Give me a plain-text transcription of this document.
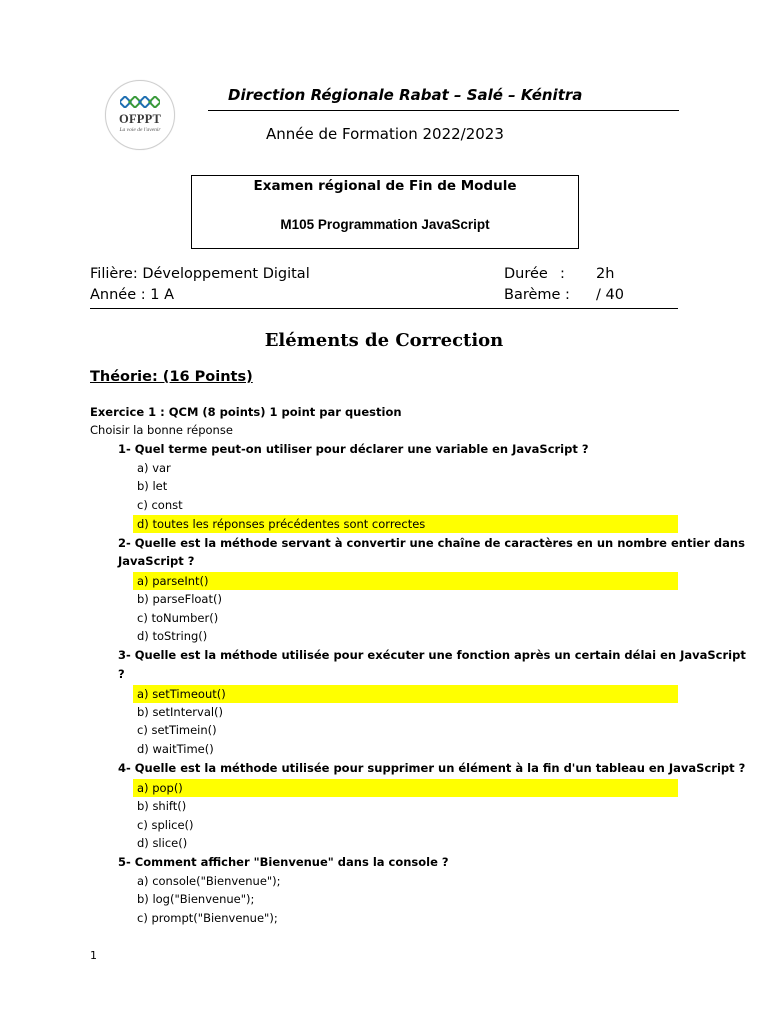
OFPPT
La voie de l'avenir
Direction Régionale Rabat – Salé – Kénitra
Année de Formation 2022/2023
Examen régional de Fin de Module
M105 Programmation JavaScript
Filière: Développement Digital	Durée : 2h
Année : 1 A	Barème : / 40
Eléments de Correction
Théorie: (16 Points)
Exercice 1 : QCM (8 points) 1 point par question
Choisir la bonne réponse
1- Quel terme peut-on utiliser pour déclarer une variable en JavaScript ?
a) var
b) let
c) const
d) toutes les réponses précédentes sont correctes
2- Quelle est la méthode servant à convertir une chaîne de caractères en un nombre entier dans
JavaScript ?
a) parseInt()
b) parseFloat()
c) toNumber()
d) toString()
3- Quelle est la méthode utilisée pour exécuter une fonction après un certain délai en JavaScript
?
a) setTimeout()
b) setInterval()
c) setTimein()
d) waitTime()
4- Quelle est la méthode utilisée pour supprimer un élément à la fin d'un tableau en JavaScript ?
a) pop()
b) shift()
c) splice()
d) slice()
5- Comment afficher "Bienvenue" dans la console ?
a) console("Bienvenue");
b) log("Bienvenue");
c) prompt("Bienvenue");
1
